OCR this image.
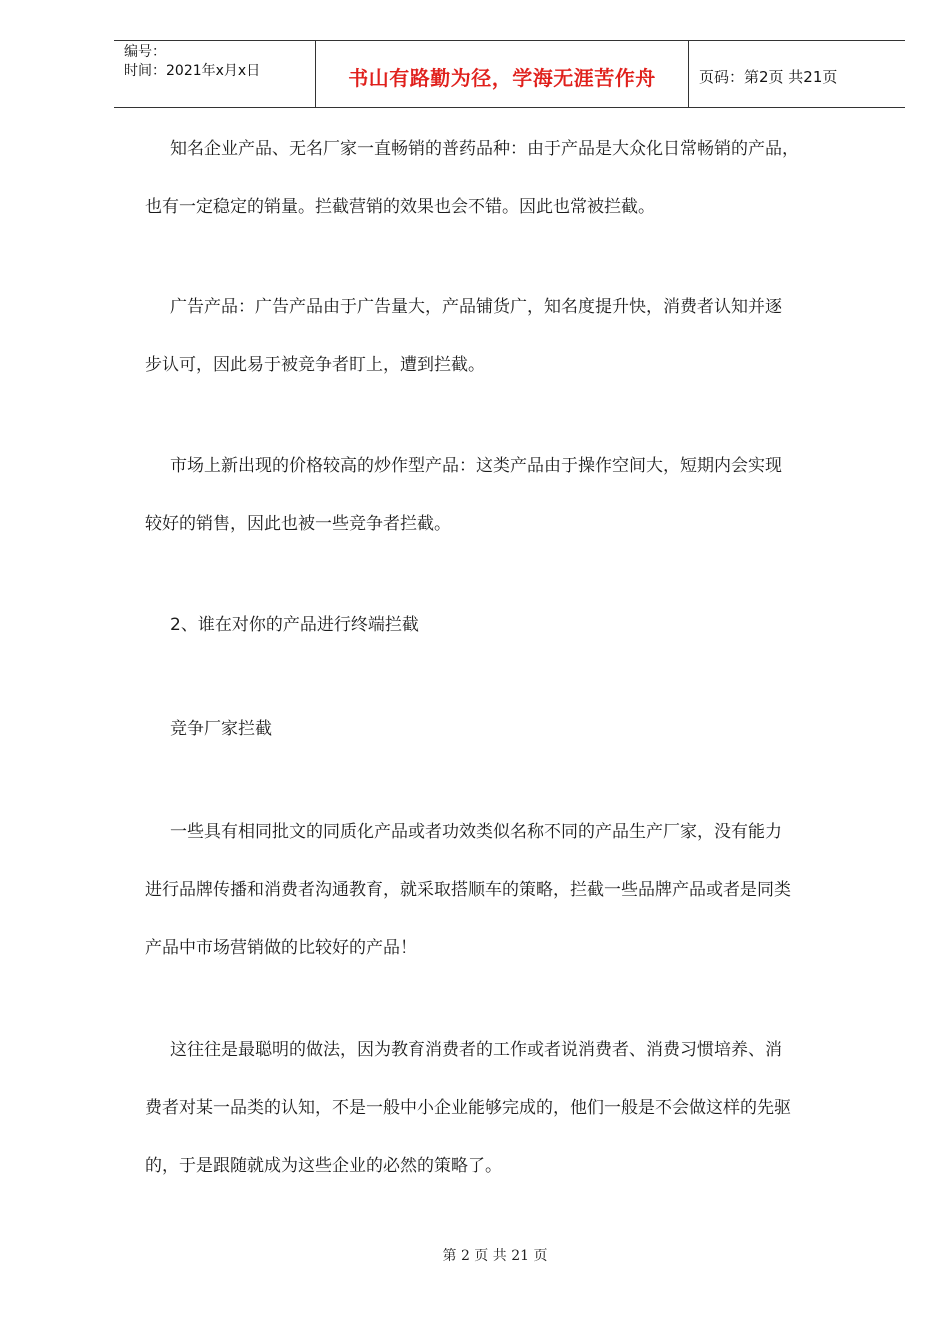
编号：
时间：2021年x月x日	书山有路勤为径，学海无涯苦作舟	页码：第2页 共21页
知名企业产品、无名厂家一直畅销的普药品种：由于产品是大众化日常畅销的产品，
也有一定稳定的销量。拦截营销的效果也会不错。因此也常被拦截。
广告产品：广告产品由于广告量大，产品铺货广，知名度提升快，消费者认知并逐
步认可，因此易于被竞争者盯上，遭到拦截。
市场上新出现的价格较高的炒作型产品：这类产品由于操作空间大，短期内会实现
较好的销售，因此也被一些竞争者拦截。

2、谁在对你的产品进行终端拦截

竞争厂家拦截

一些具有相同批文的同质化产品或者功效类似名称不同的产品生产厂家，没有能力
进行品牌传播和消费者沟通教育，就采取搭顺车的策略，拦截一些品牌产品或者是同类
产品中市场营销做的比较好的产品！
这往往是最聪明的做法，因为教育消费者的工作或者说消费者、消费习惯培养、消
费者对某一品类的认知，不是一般中小企业能够完成的，他们一般是不会做这样的先驱
的，于是跟随就成为这些企业的必然的策略了。
第 2 页 共 21 页
